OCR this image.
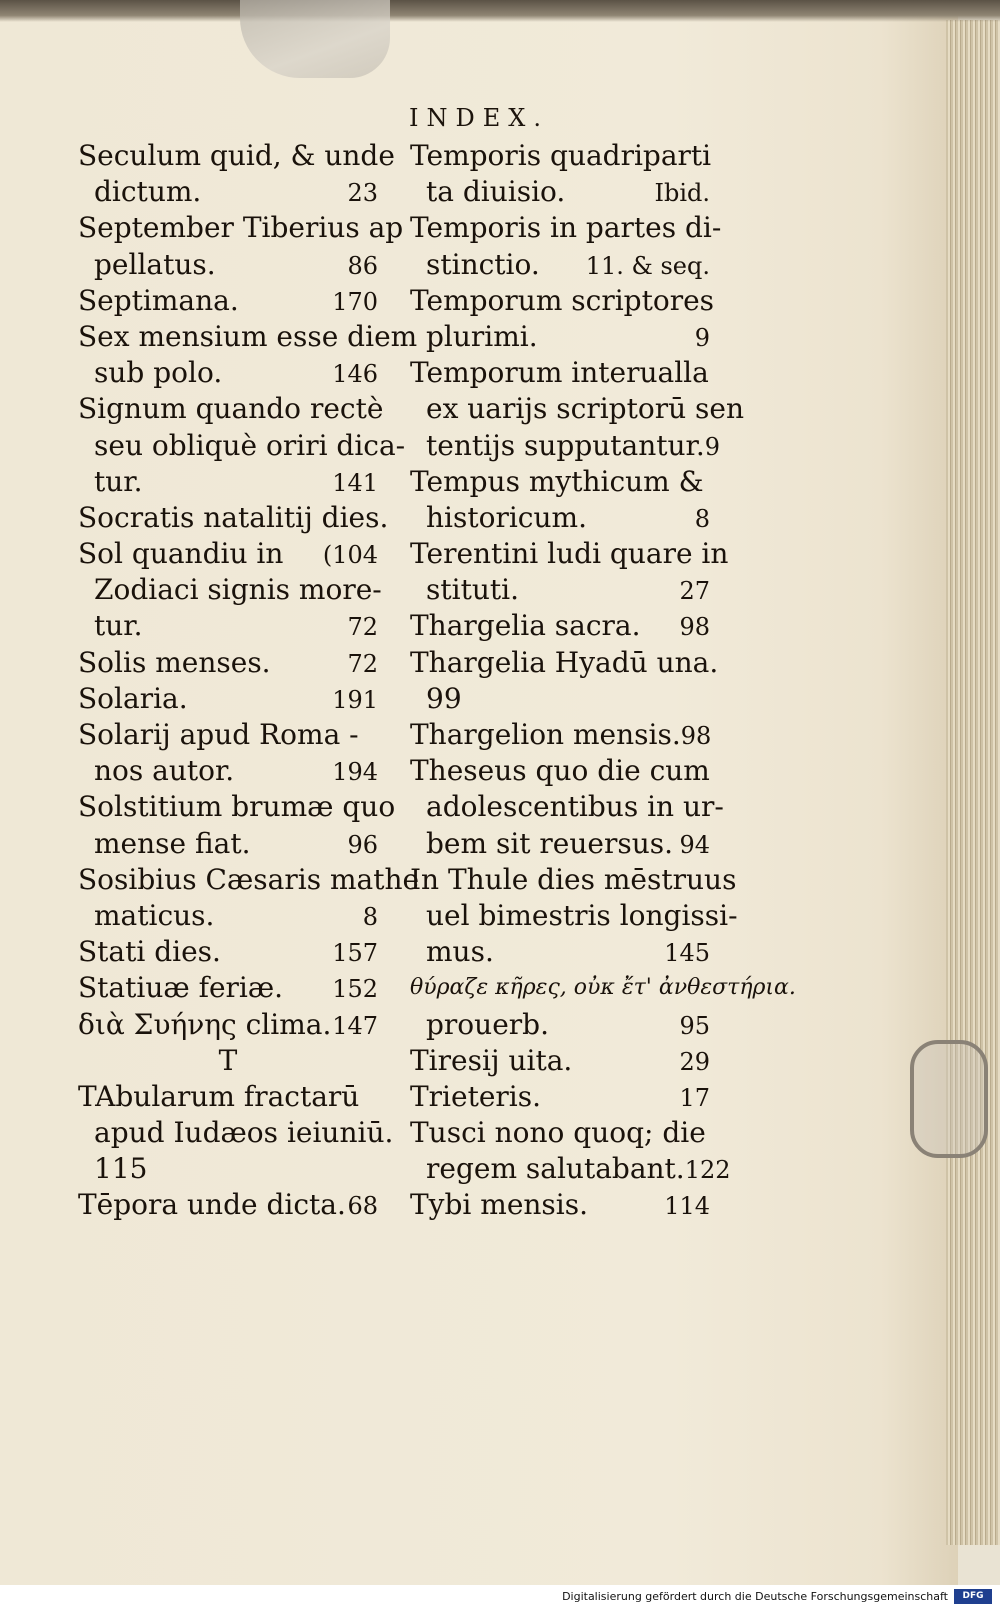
INDEX.
Seculum quid, & unde
dictum.	23
September Tiberius ap
pellatus.	86
Septimana.	170
Sex mensium esse diem
sub polo.	146
Signum quando rectè
seu obliquè oriri dica-
tur.	141
Socratis natalitij dies.
Sol quandiu in (104
Zodiaci signis more-
tur.	72
Solis menses.	72
Solaria.	191
Solarij apud Roma -
nos autor.	194
Solstitium brumæ quo
mense fiat.	96
Sosibius Cæsaris mathe
maticus.	8
Stati dies.	157
Statiuæ feriæ. 152
διὰ Συήνης clima. 147
T
TAbularum fractarū
apud Iudæos ieiuniū.
115
Tēpora unde dicta. 68
Temporis quadriparti
ta diuisio.	Ibid.
Temporis in partes di-
stinctio. 11. & seq.
Temporum scriptores
plurimi.	9
Temporum interualla
ex uarijs scriptorū sen
tentijs supputantur. 9
Tempus mythicum &
historicum.	8
Terentini ludi quare in
stituti.	27
Thargelia sacra. 98
Thargelia Hyadū una.
99
Thargelion mensis. 98
Theseus quo die cum
adolescentibus in ur-
bem sit reuersus. 94
In Thule dies mēstruus
uel bimestris longissi-
mus.	145
θύραζε κῆρες, οὐκ ἔτ' ἀνθεστήρια.
prouerb.	95
Tiresij uita.	29
Trieteris.	17
Tusci nono quoq; die
regem salutabant. 122
Tybi mensis.	114
Digitalisierung gefördert durch die Deutsche Forschungsgemeinschaft	DFG
